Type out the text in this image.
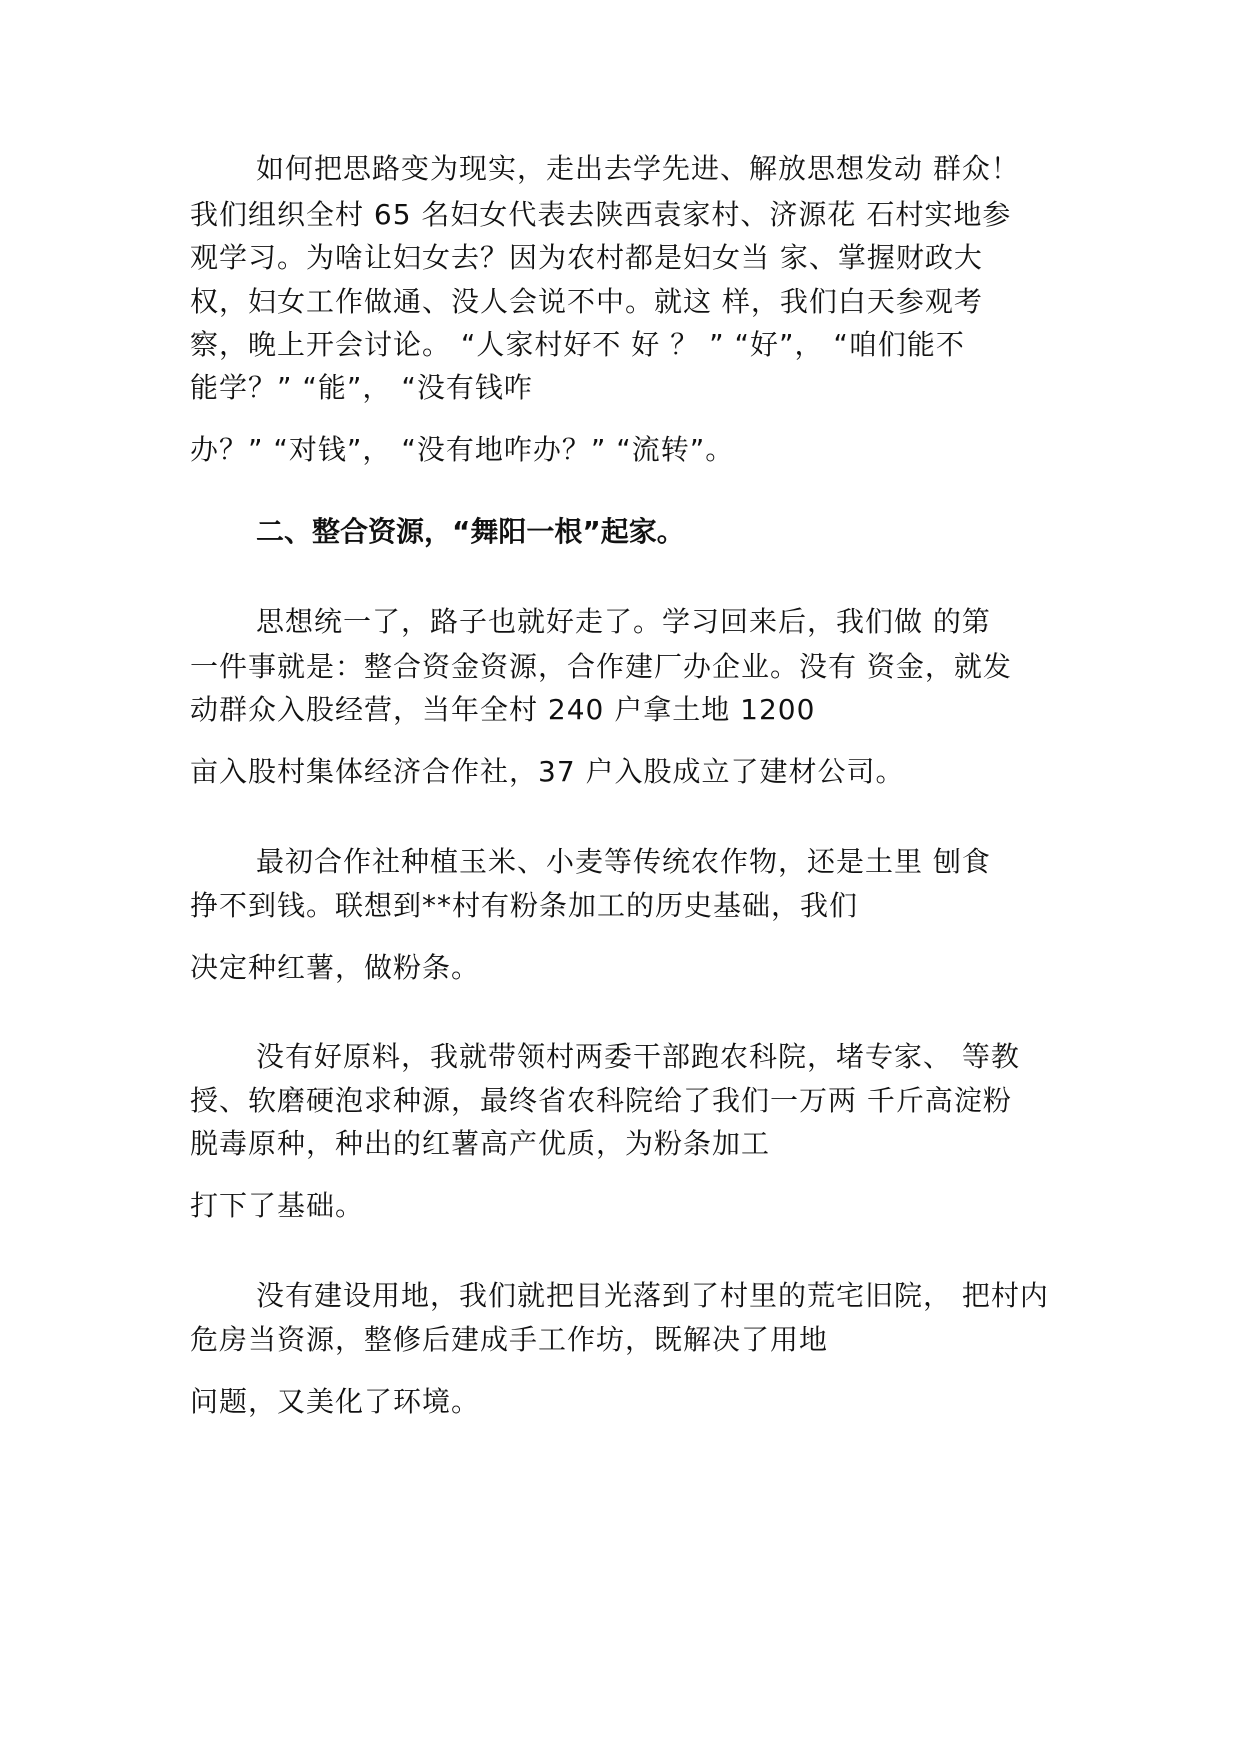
如何把思路变为现实，走出去学先进、解放思想发动 群众！
我们组织全村 65 名妇女代表去陕西袁家村、济源花 石村实地参
观学习。为啥让妇女去？因为农村都是妇女当 家、掌握财政大
权，妇女工作做通、没人会说不中。就这 样，我们白天参观考
察，晚上开会讨论。 “人家村好不 好 ？ ” “好”， “咱们能不
能学？” “能”， “没有钱咋
办？” “对钱”， “没有地咋办？” “流转”。
二、整合资源，“舞阳一根”起家。
思想统一了，路子也就好走了。学习回来后，我们做 的第
一件事就是：整合资金资源，合作建厂办企业。没有 资金，就发
动群众入股经营，当年全村 240 户拿土地 1200
亩入股村集体经济合作社，37 户入股成立了建材公司。
最初合作社种植玉米、小麦等传统农作物，还是土里 刨食
挣不到钱。联想到**村有粉条加工的历史基础，我们
决定种红薯，做粉条。
没有好原料，我就带领村两委干部跑农科院，堵专家、 等教
授、软磨硬泡求种源，最终省农科院给了我们一万两 千斤高淀粉
脱毒原种，种出的红薯高产优质，为粉条加工
打下了基础。
没有建设用地，我们就把目光落到了村里的荒宅旧院， 把村内
危房当资源，整修后建成手工作坊，既解决了用地
问题，又美化了环境。
